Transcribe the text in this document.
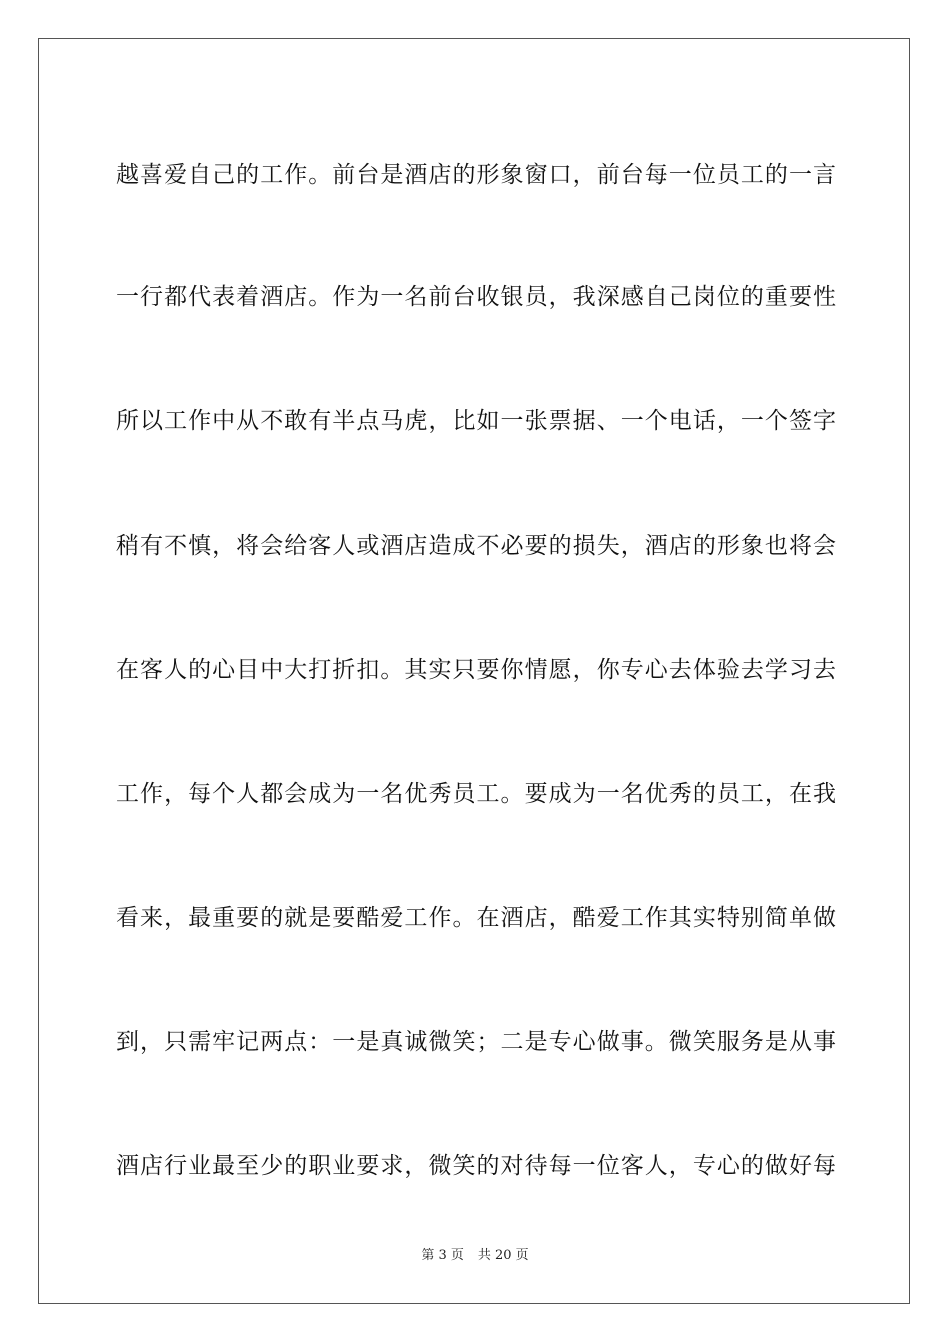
越喜爱自己的工作。前台是酒店的形象窗口，前台每一位员工的一言

一行都代表着酒店。作为一名前台收银员，我深感自己岗位的重要性

所以工作中从不敢有半点马虎，比如一张票据、一个电话，一个签字

稍有不慎，将会给客人或酒店造成不必要的损失，酒店的形象也将会

在客人的心目中大打折扣。其实只要你情愿，你专心去体验去学习去

工作，每个人都会成为一名优秀员工。要成为一名优秀的员工，在我

看来，最重要的就是要酷爱工作。在酒店，酷爱工作其实特别简单做

到，只需牢记两点：一是真诚微笑；二是专心做事。微笑服务是从事

酒店行业最至少的职业要求，微笑的对待每一位客人，专心的做好每

第 3 页 共 20 页
